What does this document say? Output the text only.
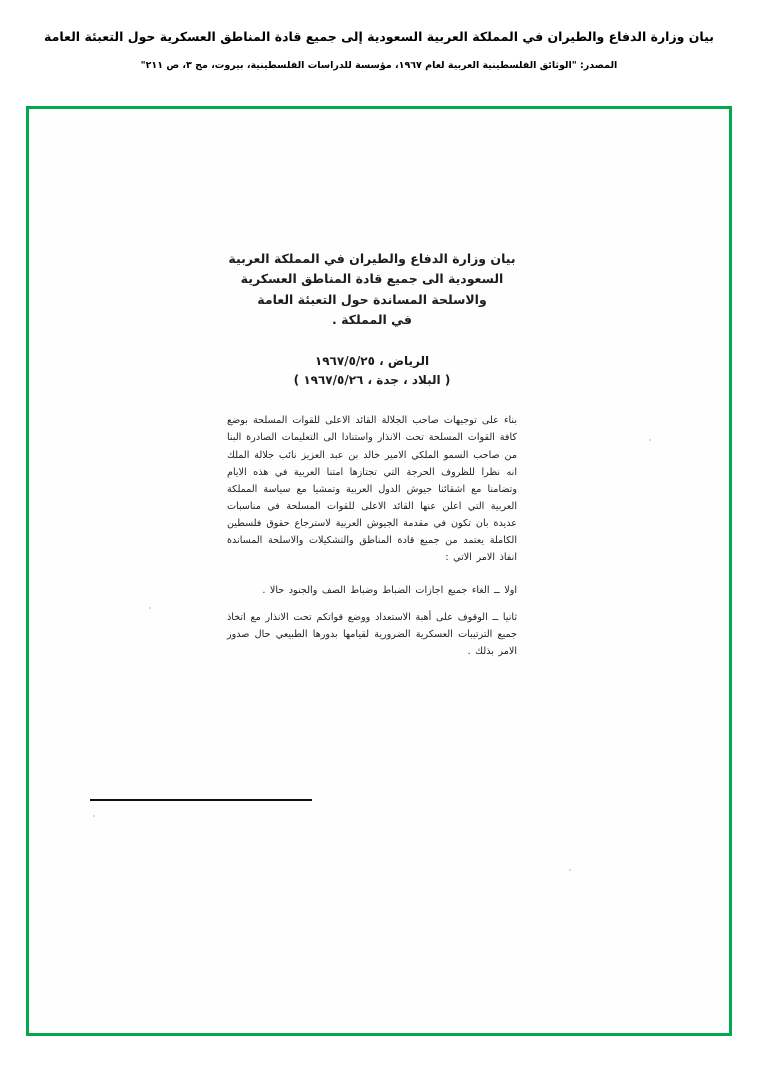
بيان وزارة الدفاع والطيران في المملكة العربية السعودية إلى جميع قادة المناطق العسكرية حول التعبئة العامة
المصدر: "الوثائق الفلسطينية العربية لعام ١٩٦٧، مؤسسة للدراسات الفلسطينية، بيروت، مج ٣، ص ٢١١"
بيان وزارة الدفاع والطيران في المملكة العربية
السعودية الى جميع قادة المناطق العسكرية
والاسلحة المساندة حول التعبئة العامة
في المملكة .
الرياض ، ١٩٦٧/٥/٢٥
( البلاد ، جدة ، ١٩٦٧/٥/٢٦ )

بناء على توجيهات صاحب الجلالة القائد الاعلى للقوات المسلحة بوضع كافة القوات المسلحة تحت الانذار واستنادا الى التعليمات الصادرة البنا من صاحب السمو الملكي الامير خالد بن عبد العزيز نائب جلالة الملك انه نظرا للظروف الحرجة التي تجتازها امتنا العربية في هذه الايام وتضامنا مع اشقائنا جيوش الدول العربية وتمشيا مع سياسة المملكة العربية التي اعلن عنها القائد الاعلى للقوات المسلحة في مناسبات عديدة بان تكون في مقدمة الجيوش العربية لاسترجاع حقوق فلسطين الكاملة يعتمد من جميع قادة المناطق والتشكيلات والاسلحة المساندة انفاذ الامر الاتي :

اولا ــ الغاء جميع اجازات الضباط وضباط الصف والجنود حالا .

ثانيا ــ الوقوف على أهبة الاستعداد ووضع قواتكم تحت الانذار مع اتخاذ جميع الترتيبات العسكرية الضرورية لقيامها بدورها الطبيعي حال صدور الامر بذلك .
